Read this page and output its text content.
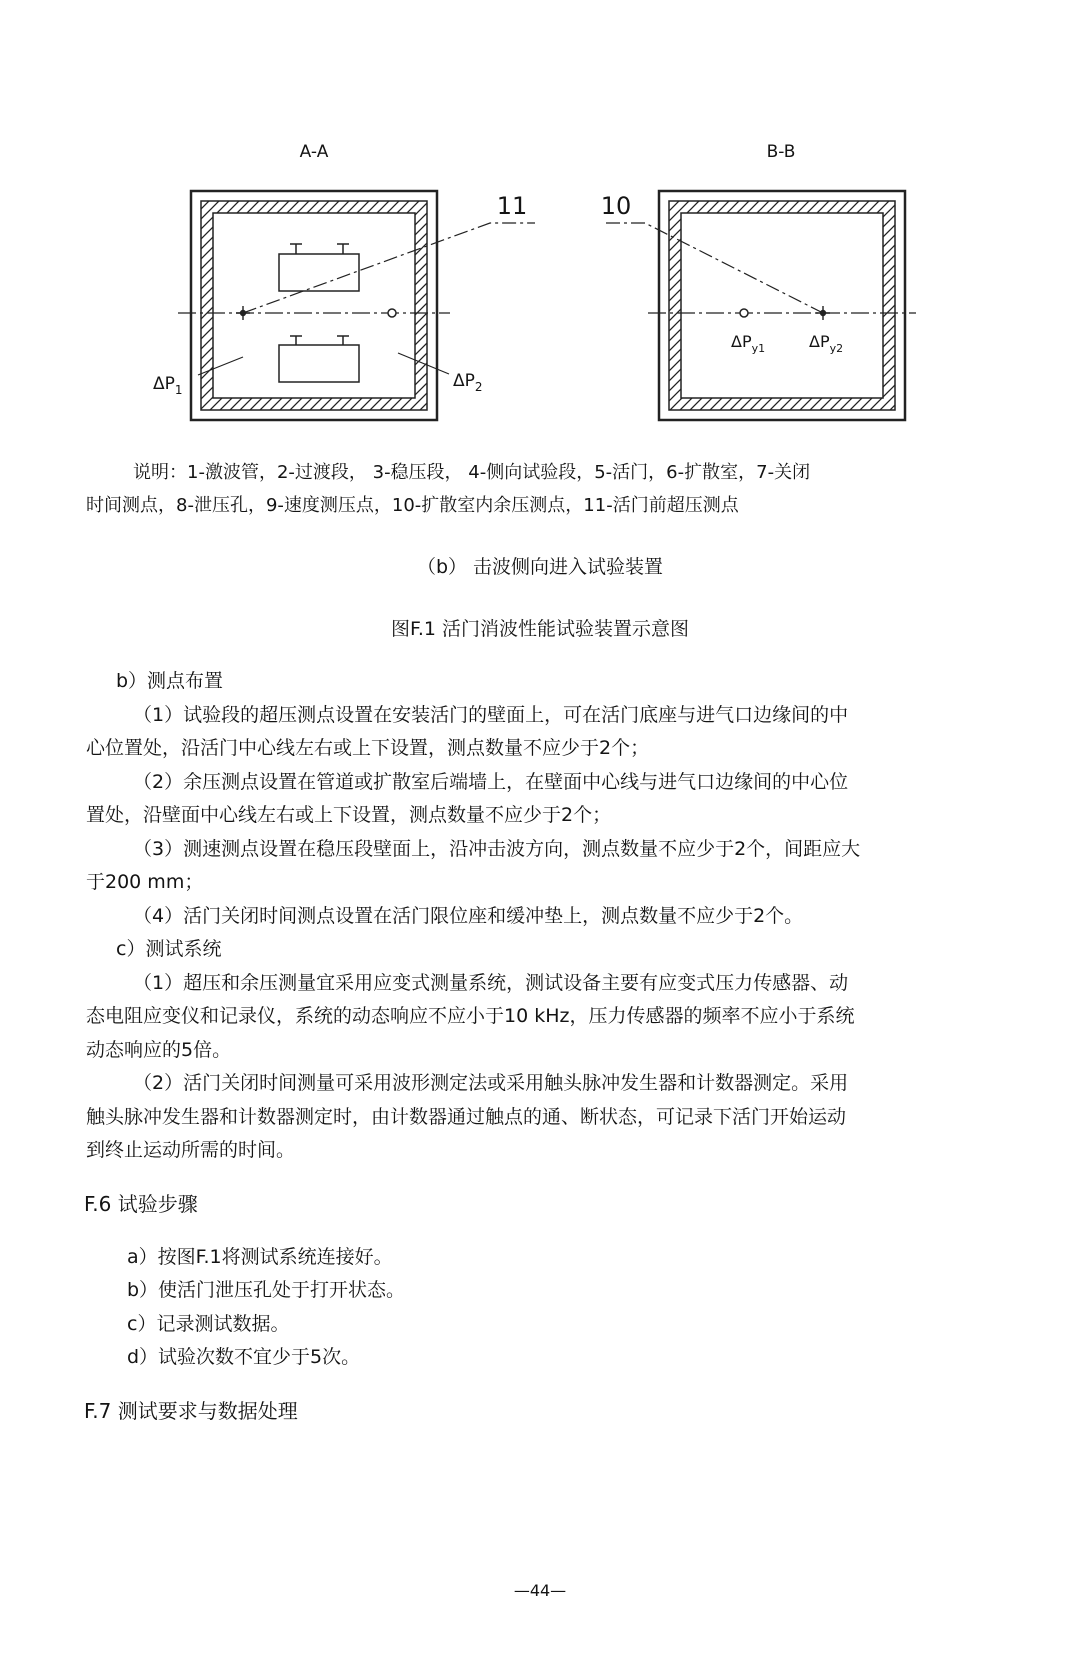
A-A
11
$\Delta P_1$	$\Delta P_2$
B-B
10
$\Delta P_{y1}$	$\Delta P_{y2}$
说明：1-激波管，2-过渡段， 3-稳压段， 4-侧向试验段，5-活门，6-扩散室，7-关闭
时间测点，8-泄压孔，9-速度测压点，10-扩散室内余压测点，11-活门前超压测点
（b） 击波侧向进入试验装置
图F.1 活门消波性能试验装置示意图
b）测点布置
（1）试验段的超压测点设置在安装活门的壁面上，可在活门底座与进气口边缘间的中
心位置处，沿活门中心线左右或上下设置，测点数量不应少于2个；
（2）余压测点设置在管道或扩散室后端墙上，在壁面中心线与进气口边缘间的中心位
置处，沿壁面中心线左右或上下设置，测点数量不应少于2个；
（3）测速测点设置在稳压段壁面上，沿冲击波方向，测点数量不应少于2个，间距应大
于200 mm；
（4）活门关闭时间测点设置在活门限位座和缓冲垫上，测点数量不应少于2个。
c）测试系统
（1）超压和余压测量宜采用应变式测量系统，测试设备主要有应变式压力传感器、动
态电阻应变仪和记录仪，系统的动态响应不应小于10 kHz，压力传感器的频率不应小于系统
动态响应的5倍。
（2）活门关闭时间测量可采用波形测定法或采用触头脉冲发生器和计数器测定。采用
触头脉冲发生器和计数器测定时，由计数器通过触点的通、断状态，可记录下活门开始运动
到终止运动所需的时间。
F.6 试验步骤
a）按图F.1将测试系统连接好。
b）使活门泄压孔处于打开状态。
c）记录测试数据。
d）试验次数不宜少于5次。
F.7 测试要求与数据处理
—44—
